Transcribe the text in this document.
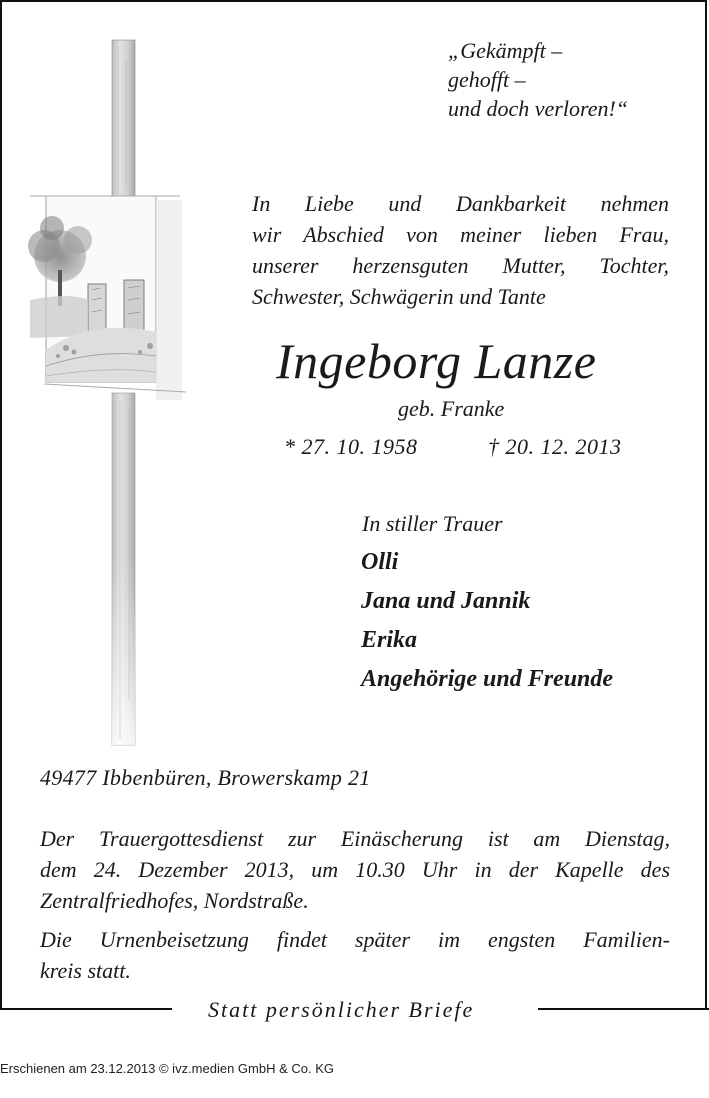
„Gekämpft –
gehofft –
und doch verloren!“
In Liebe und Dankbarkeit nehmen
wir Abschied von meiner lieben Frau,
unserer herzensguten Mutter, Tochter,
Schwester, Schwägerin und Tante
Ingeborg Lanze
geb. Franke
* 27. 10. 1958	† 20. 12. 2013
In stiller Trauer
Olli
Jana und Jannik
Erika
Angehörige und Freunde
49477 Ibbenbüren, Browerskamp 21
Der Trauergottesdienst zur Einäscherung ist am Dienstag,
dem 24. Dezember 2013, um 10.30 Uhr in der Kapelle des
Zentralfriedhofes, Nordstraße.
Die Urnenbeisetzung findet später im engsten Familien-
kreis statt.
Statt persönlicher Briefe
Erschienen am 23.12.2013 © ivz.medien GmbH & Co. KG
